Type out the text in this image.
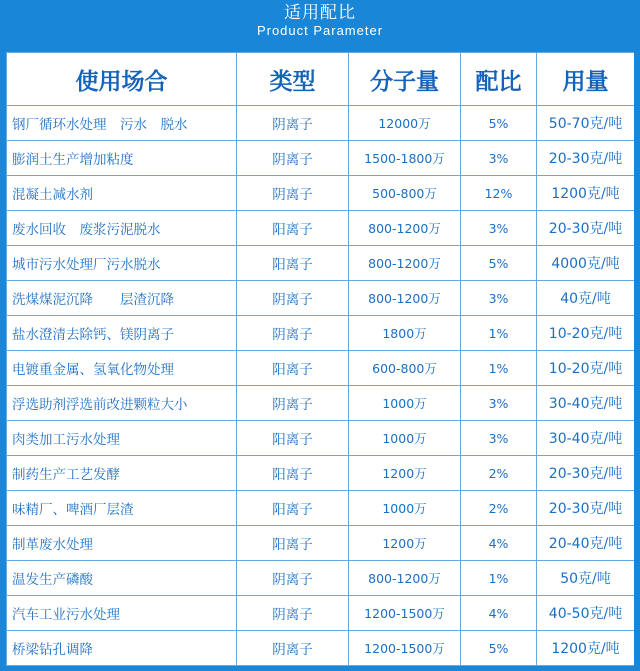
适用配比
Product Parameter
使用场合	类型	分子量	配比	用量
钢厂循环水处理　污水　脱水	阴离子	12000万	5%	50-70克/吨
膨润土生产增加粘度	阴离子	1500-1800万	3%	20-30克/吨
混凝土减水剂	阴离子	500-800万	12%	1200克/吨
废水回收　废浆污泥脱水	阳离子	800-1200万	3%	20-30克/吨
城市污水处理厂污水脱水	阳离子	800-1200万	5%	4000克/吨
洗煤煤泥沉降　　层渣沉降	阴离子	800-1200万	3%	40克/吨
盐水澄清去除钙、镁阴离子	阴离子	1800万	1%	10-20克/吨
电镀重金属、氢氧化物处理	阳离子	600-800万	1%	10-20克/吨
浮选助剂浮选前改进颗粒大小	阴离子	1000万	3%	30-40克/吨
肉类加工污水处理	阳离子	1000万	3%	30-40克/吨
制药生产工艺发酵	阳离子	1200万	2%	20-30克/吨
味精厂、啤酒厂层渣	阳离子	1000万	2%	20-30克/吨
制革废水处理	阳离子	1200万	4%	20-40克/吨
温发生产磷酸	阴离子	800-1200万	1%	50克/吨
汽车工业污水处理	阴离子	1200-1500万	4%	40-50克/吨
桥梁钻孔调降	阴离子	1200-1500万	5%	1200克/吨
